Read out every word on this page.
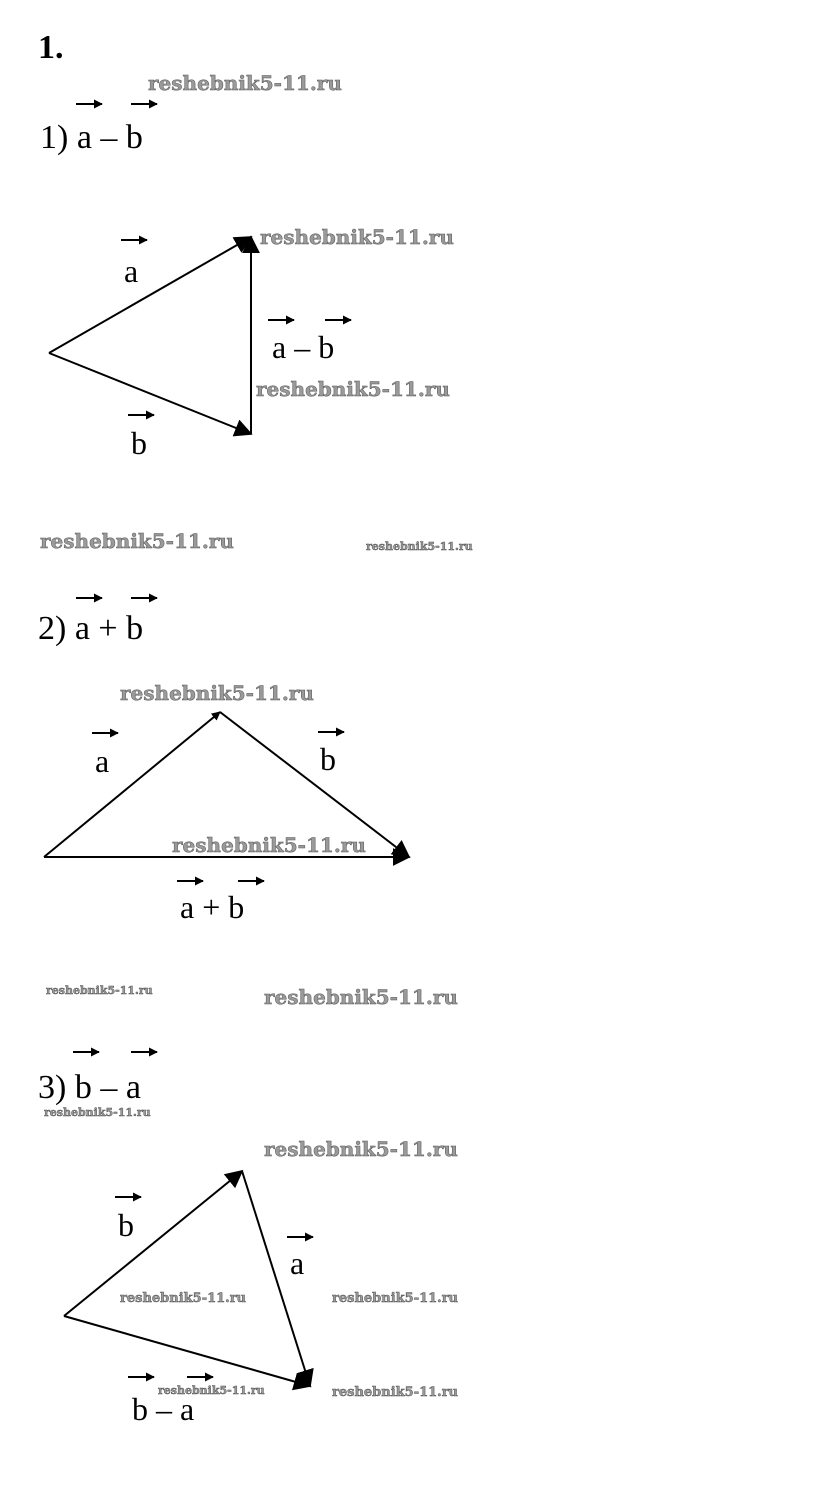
1.
reshebnik5-11.ru
1) a – b
a
b
a – b
reshebnik5-11.ru
reshebnik5-11.ru
reshebnik5-11.ru	reshebnik5-11.ru
2) a + b
reshebnik5-11.ru
a	b
reshebnik5-11.ru
a + b
reshebnik5-11.ru	reshebnik5-11.ru
3) b – a
reshebnik5-11.ru
reshebnik5-11.ru
b
a
reshebnik5-11.ru	reshebnik5-11.ru
reshebnik5-11.ru	reshebnik5-11.ru
b – a
